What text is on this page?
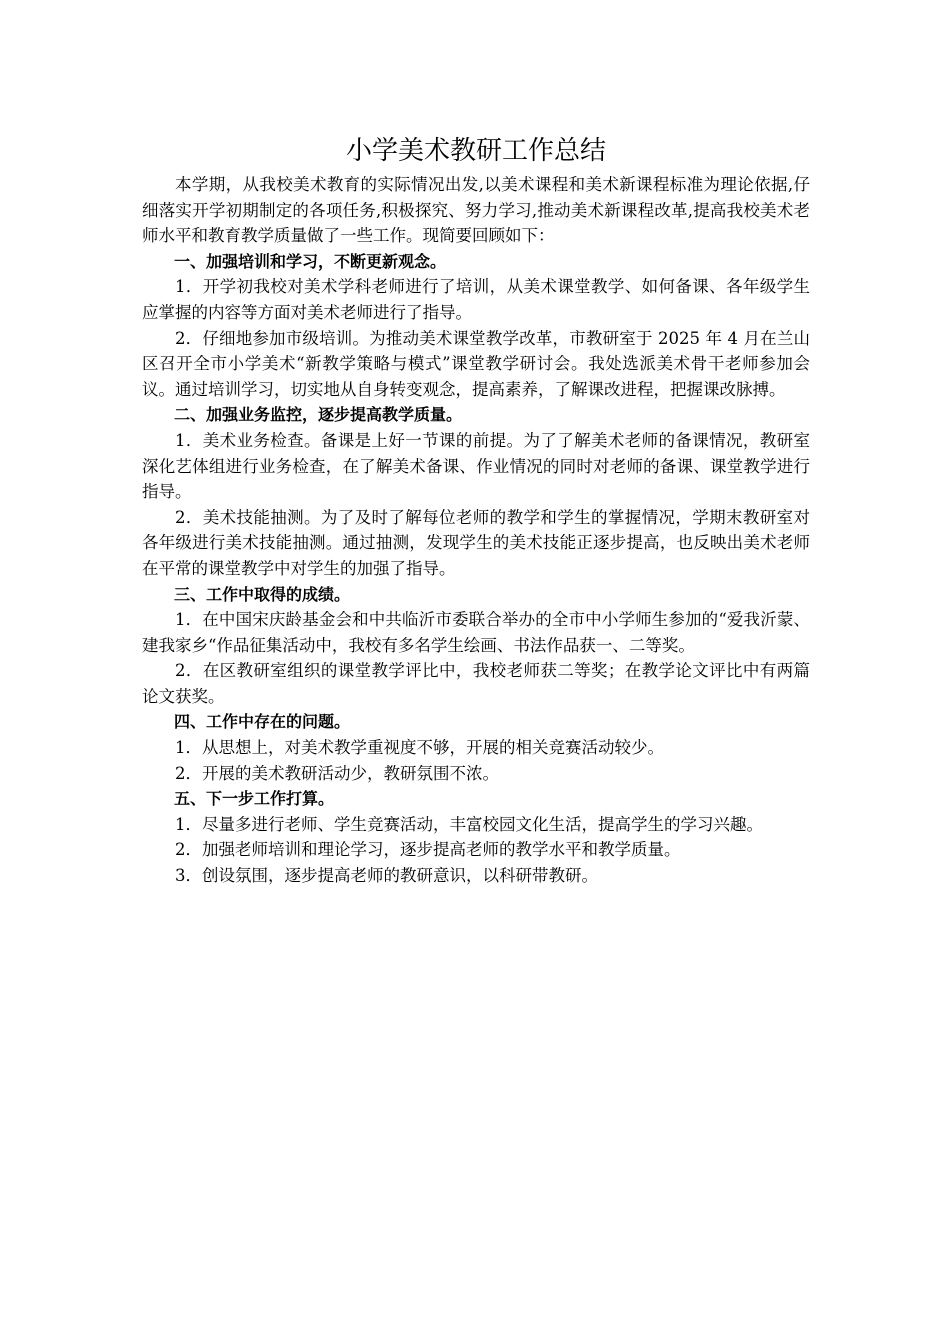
小学美术教研工作总结

本学期，从我校美术教育的实际情况出发,以美术课程和美术新课程标准为理论依据,仔细落实开学初期制定的各项任务,积极探究、努力学习,推动美术新课程改革,提高我校美术老师水平和教育教学质量做了一些工作。现简要回顾如下：

一、加强培训和学习，不断更新观念。

1．开学初我校对美术学科老师进行了培训，从美术课堂教学、如何备课、各年级学生应掌握的内容等方面对美术老师进行了指导。

2．仔细地参加市级培训。为推动美术课堂教学改革，市教研室于 2025 年 4 月在兰山区召开全市小学美术“新教学策略与模式”课堂教学研讨会。我处选派美术骨干老师参加会议。通过培训学习，切实地从自身转变观念，提高素养，了解课改进程，把握课改脉搏。

二、加强业务监控，逐步提高教学质量。

1．美术业务检查。备课是上好一节课的前提。为了了解美术老师的备课情况，教研室深化艺体组进行业务检查，在了解美术备课、作业情况的同时对老师的备课、课堂教学进行指导。

2．美术技能抽测。为了及时了解每位老师的教学和学生的掌握情况，学期末教研室对各年级进行美术技能抽测。通过抽测，发现学生的美术技能正逐步提高，也反映出美术老师在平常的课堂教学中对学生的加强了指导。

三、工作中取得的成绩。

1．在中国宋庆龄基金会和中共临沂市委联合举办的全市中小学师生参加的“爱我沂蒙、建我家乡“作品征集活动中，我校有多名学生绘画、书法作品获一、二等奖。

2．在区教研室组织的课堂教学评比中，我校老师获二等奖；在教学论文评比中有两篇论文获奖。

四、工作中存在的问题。

1．从思想上，对美术教学重视度不够，开展的相关竞赛活动较少。

2．开展的美术教研活动少，教研氛围不浓。

五、下一步工作打算。

1．尽量多进行老师、学生竞赛活动，丰富校园文化生活，提高学生的学习兴趣。

2．加强老师培训和理论学习，逐步提高老师的教学水平和教学质量。

3．创设氛围，逐步提高老师的教研意识，以科研带教研。
